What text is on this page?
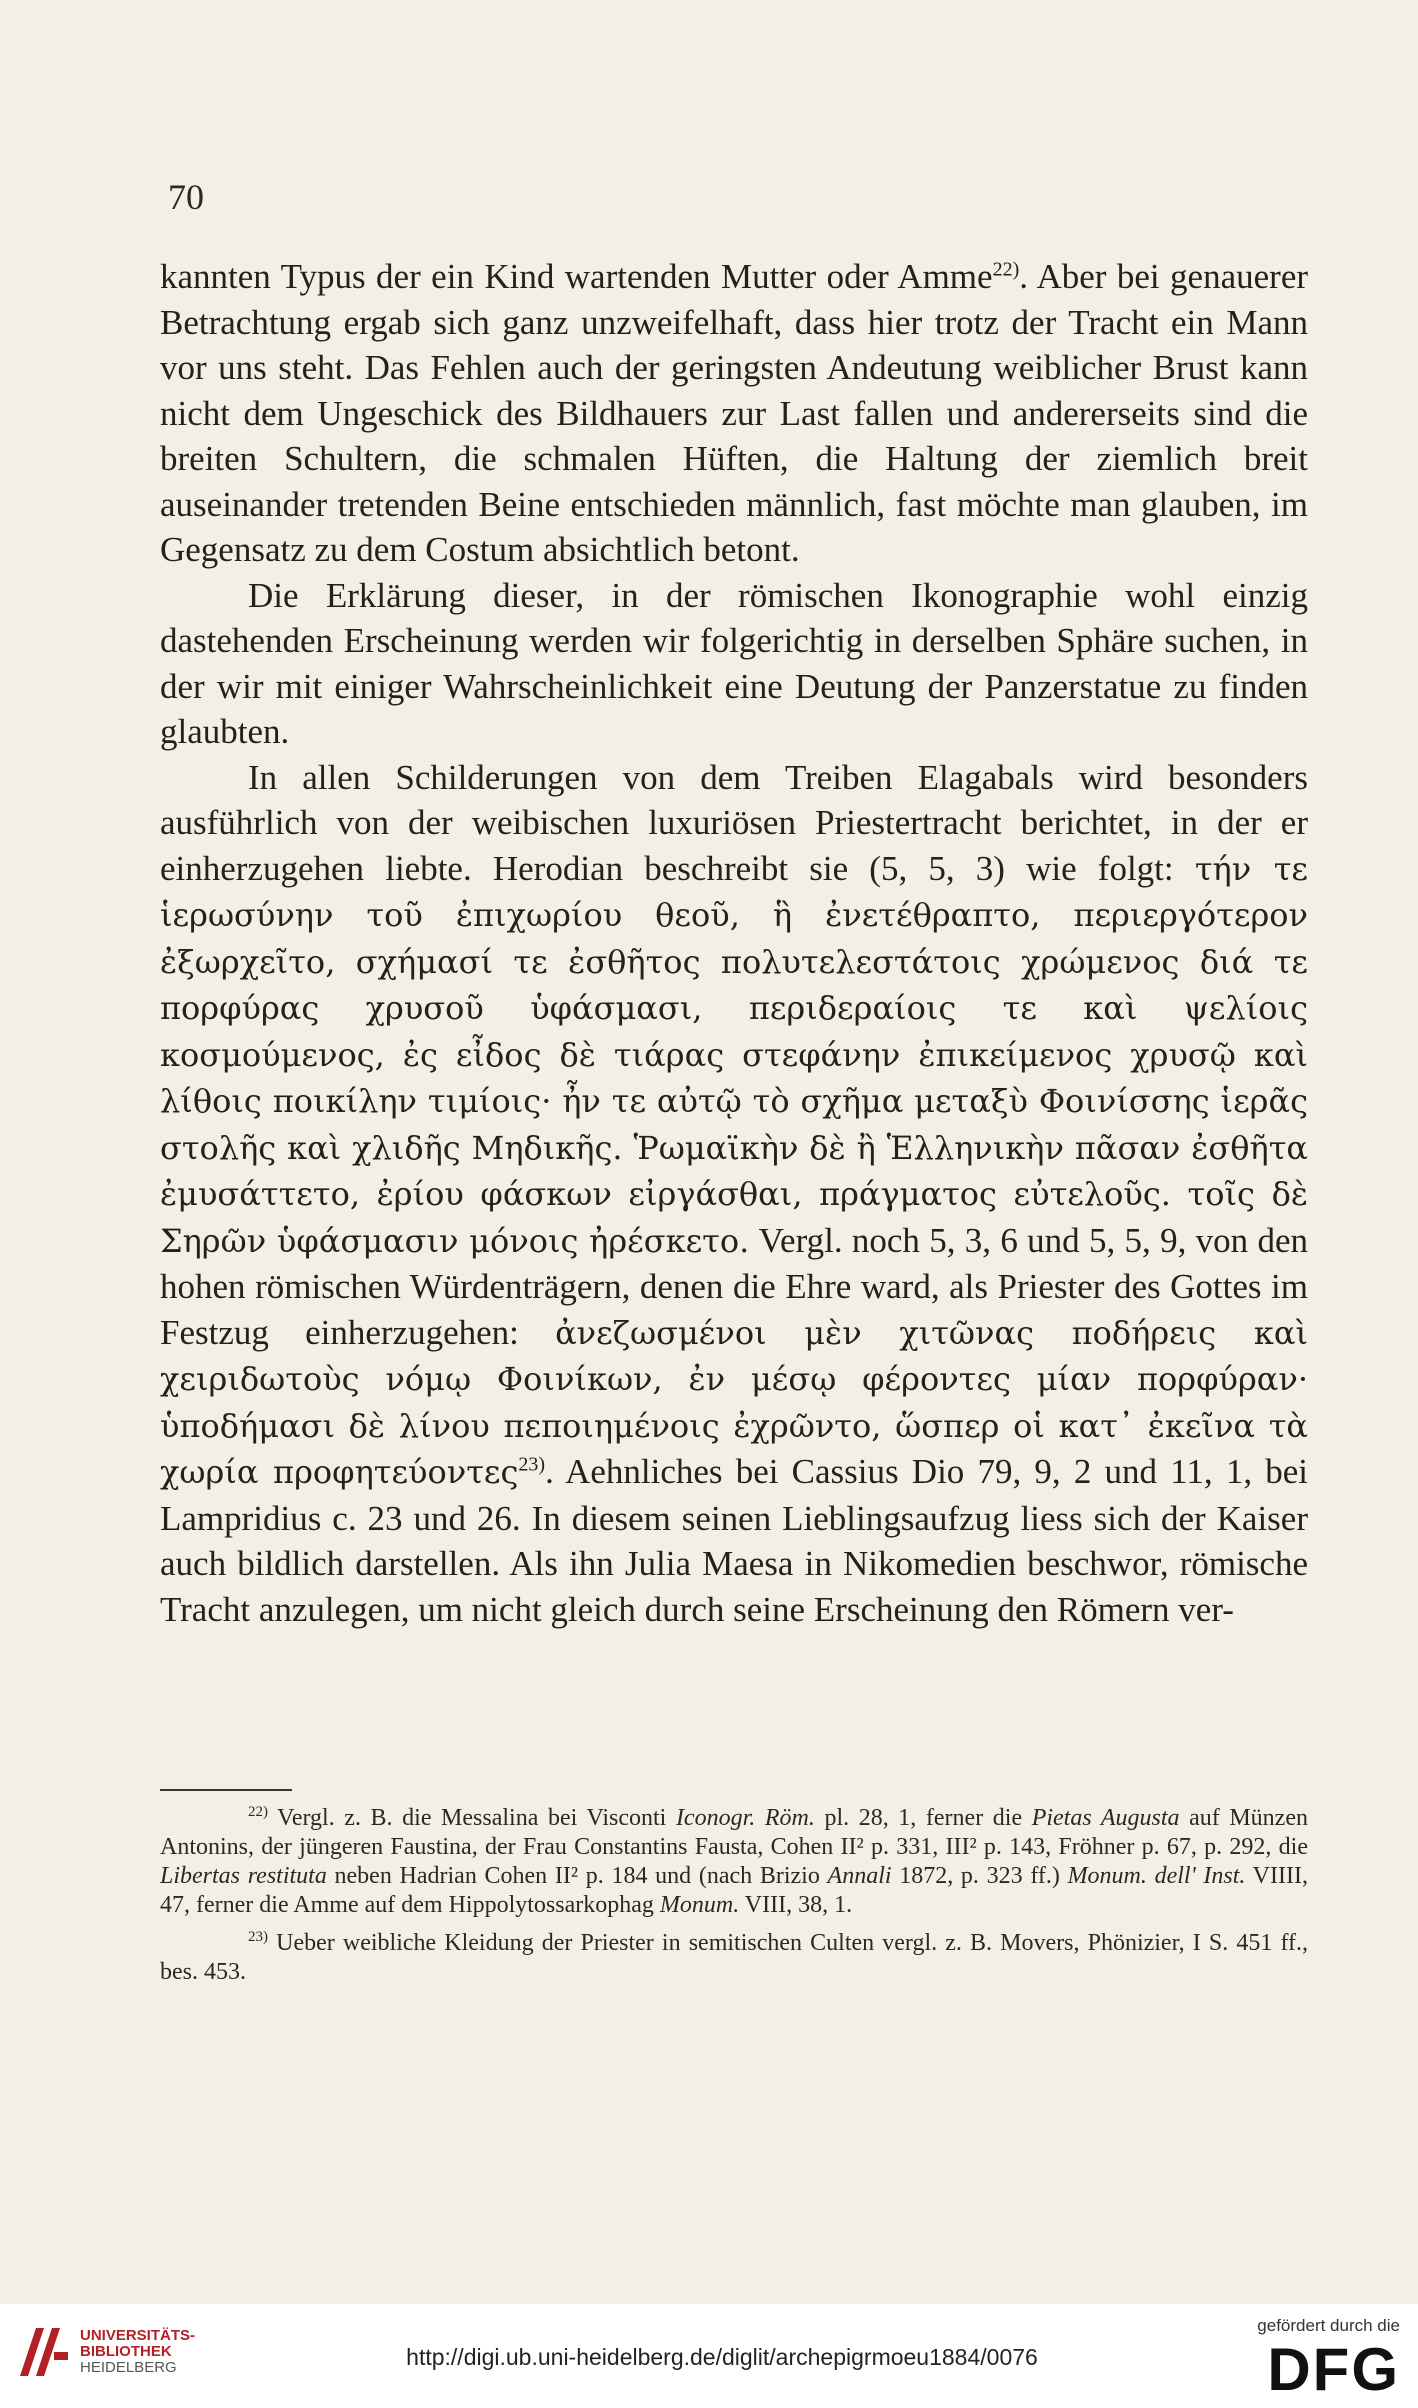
70

kannten Typus der ein Kind wartenden Mutter oder Amme$^{22)}$. Aber bei genauerer Betrachtung ergab sich ganz unzweifelhaft, dass hier trotz der Tracht ein Mann vor uns steht. Das Fehlen auch der geringsten Andeutung weiblicher Brust kann nicht dem Ungeschick des Bildhauers zur Last fallen und andererseits sind die breiten Schultern, die schmalen Hüften, die Haltung der ziemlich breit auseinander tretenden Beine entschieden männlich, fast möchte man glauben, im Gegensatz zu dem Costum absichtlich betont.

Die Erklärung dieser, in der römischen Ikonographie wohl einzig dastehenden Erscheinung werden wir folgerichtig in derselben Sphäre suchen, in der wir mit einiger Wahrscheinlichkeit eine Deutung der Panzerstatue zu finden glaubten.

In allen Schilderungen von dem Treiben Elagabals wird besonders ausführlich von der weibischen luxuriösen Priestertracht berichtet, in der er einherzugehen liebte. Herodian beschreibt sie (5, 5, 3) wie folgt: τήν τε ἱερωσύνην τοῦ ἐπιχωρίου θεοῦ, ἣ ἐνετέθραπτο, περιεργότερον ἐξωρχεῖτο, σχήμασί τε ἐσθῆτος πολυτελεστάτοις χρώμενος διά τε πορφύρας χρυσοῦ ὑφάσμασι, περιδεραίοις τε καὶ ψελίοις κοσμούμενος, ἐς εἶδος δὲ τιάρας στεφάνην ἐπικείμενος χρυσῷ καὶ λίθοις ποικίλην τιμίοις· ἦν τε αὐτῷ τὸ σχῆμα μεταξὺ Φοινίσσης ἱερᾶς στολῆς καὶ χλιδῆς Μηδικῆς. Ῥωμαϊκὴν δὲ ἢ Ἑλληνικὴν πᾶσαν ἐσθῆτα ἐμυσάττετο, ἐρίου φάσκων εἰργάσθαι, πράγματος εὐτελοῦς. τοῖς δὲ Σηρῶν ὑφάσμασιν μόνοις ἠρέσκετο. Vergl. noch 5, 3, 6 und 5, 5, 9, von den hohen römischen Würdenträgern, denen die Ehre ward, als Priester des Gottes im Festzug einherzugehen: ἀνεζωσμένοι μὲν χιτῶνας ποδήρεις καὶ χειριδωτοὺς νόμῳ Φοινίκων, ἐν μέσῳ φέροντες μίαν πορφύραν· ὑποδήμασι δὲ λίνου πεποιημένοις ἐχρῶντο, ὥσπερ οἱ κατ᾽ ἐκεῖνα τὰ χωρία προφητεύοντες$^{23)}$. Aehnliches bei Cassius Dio 79, 9, 2 und 11, 1, bei Lampridius c. 23 und 26. In diesem seinen Lieblingsaufzug liess sich der Kaiser auch bildlich darstellen. Als ihn Julia Maesa in Nikomedien beschwor, römische Tracht anzulegen, um nicht gleich durch seine Erscheinung den Römern ver-

$^{22)}$ Vergl. z. B. die Messalina bei Visconti Iconogr. Röm. pl. 28, 1, ferner die Pietas Augusta auf Münzen Antonins, der jüngeren Faustina, der Frau Constantins Fausta, Cohen II² p. 331, III² p. 143, Fröhner p. 67, p. 292, die Libertas restituta neben Hadrian Cohen II² p. 184 und (nach Brizio Annali 1872, p. 323 ff.) Monum. dell' Inst. VIIII, 47, ferner die Amme auf dem Hippolytossarkophag Monum. VIII, 38, 1.

$^{23)}$ Ueber weibliche Kleidung der Priester in semitischen Culten vergl. z. B. Movers, Phönizier, I S. 451 ff., bes. 453.

UNIVERSITÄTS-
BIBLIOTHEK
HEIDELBERG	http://digi.ub.uni-heidelberg.de/diglit/archepigrmoeu1884/0076
gefördert durch die
DFG
